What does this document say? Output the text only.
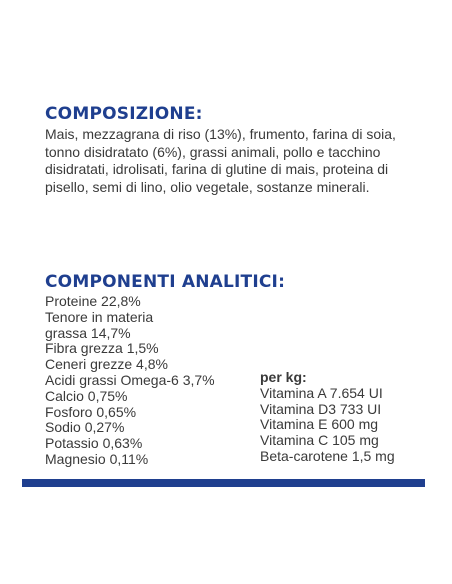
COMPOSIZIONE:
Mais, mezzagrana di riso (13%), frumento, farina di soia, tonno disidratato (6%), grassi animali, pollo e tacchino disidratati, idrolisati, farina di glutine di mais, proteina di pisello, semi di lino, olio vegetale, sostanze minerali.
COMPONENTI ANALITICI:
Proteine 22,8%
Tenore in materia
grassa 14,7%
Fibra grezza 1,5%
Ceneri grezze 4,8%
Acidi grassi Omega-6 3,7%
Calcio 0,75%
Fosforo 0,65%
Sodio 0,27%
Potassio 0,63%
Magnesio 0,11%
per kg:
Vitamina A 7.654 UI
Vitamina D3 733 UI
Vitamina E 600 mg
Vitamina C 105 mg
Beta-carotene 1,5 mg
